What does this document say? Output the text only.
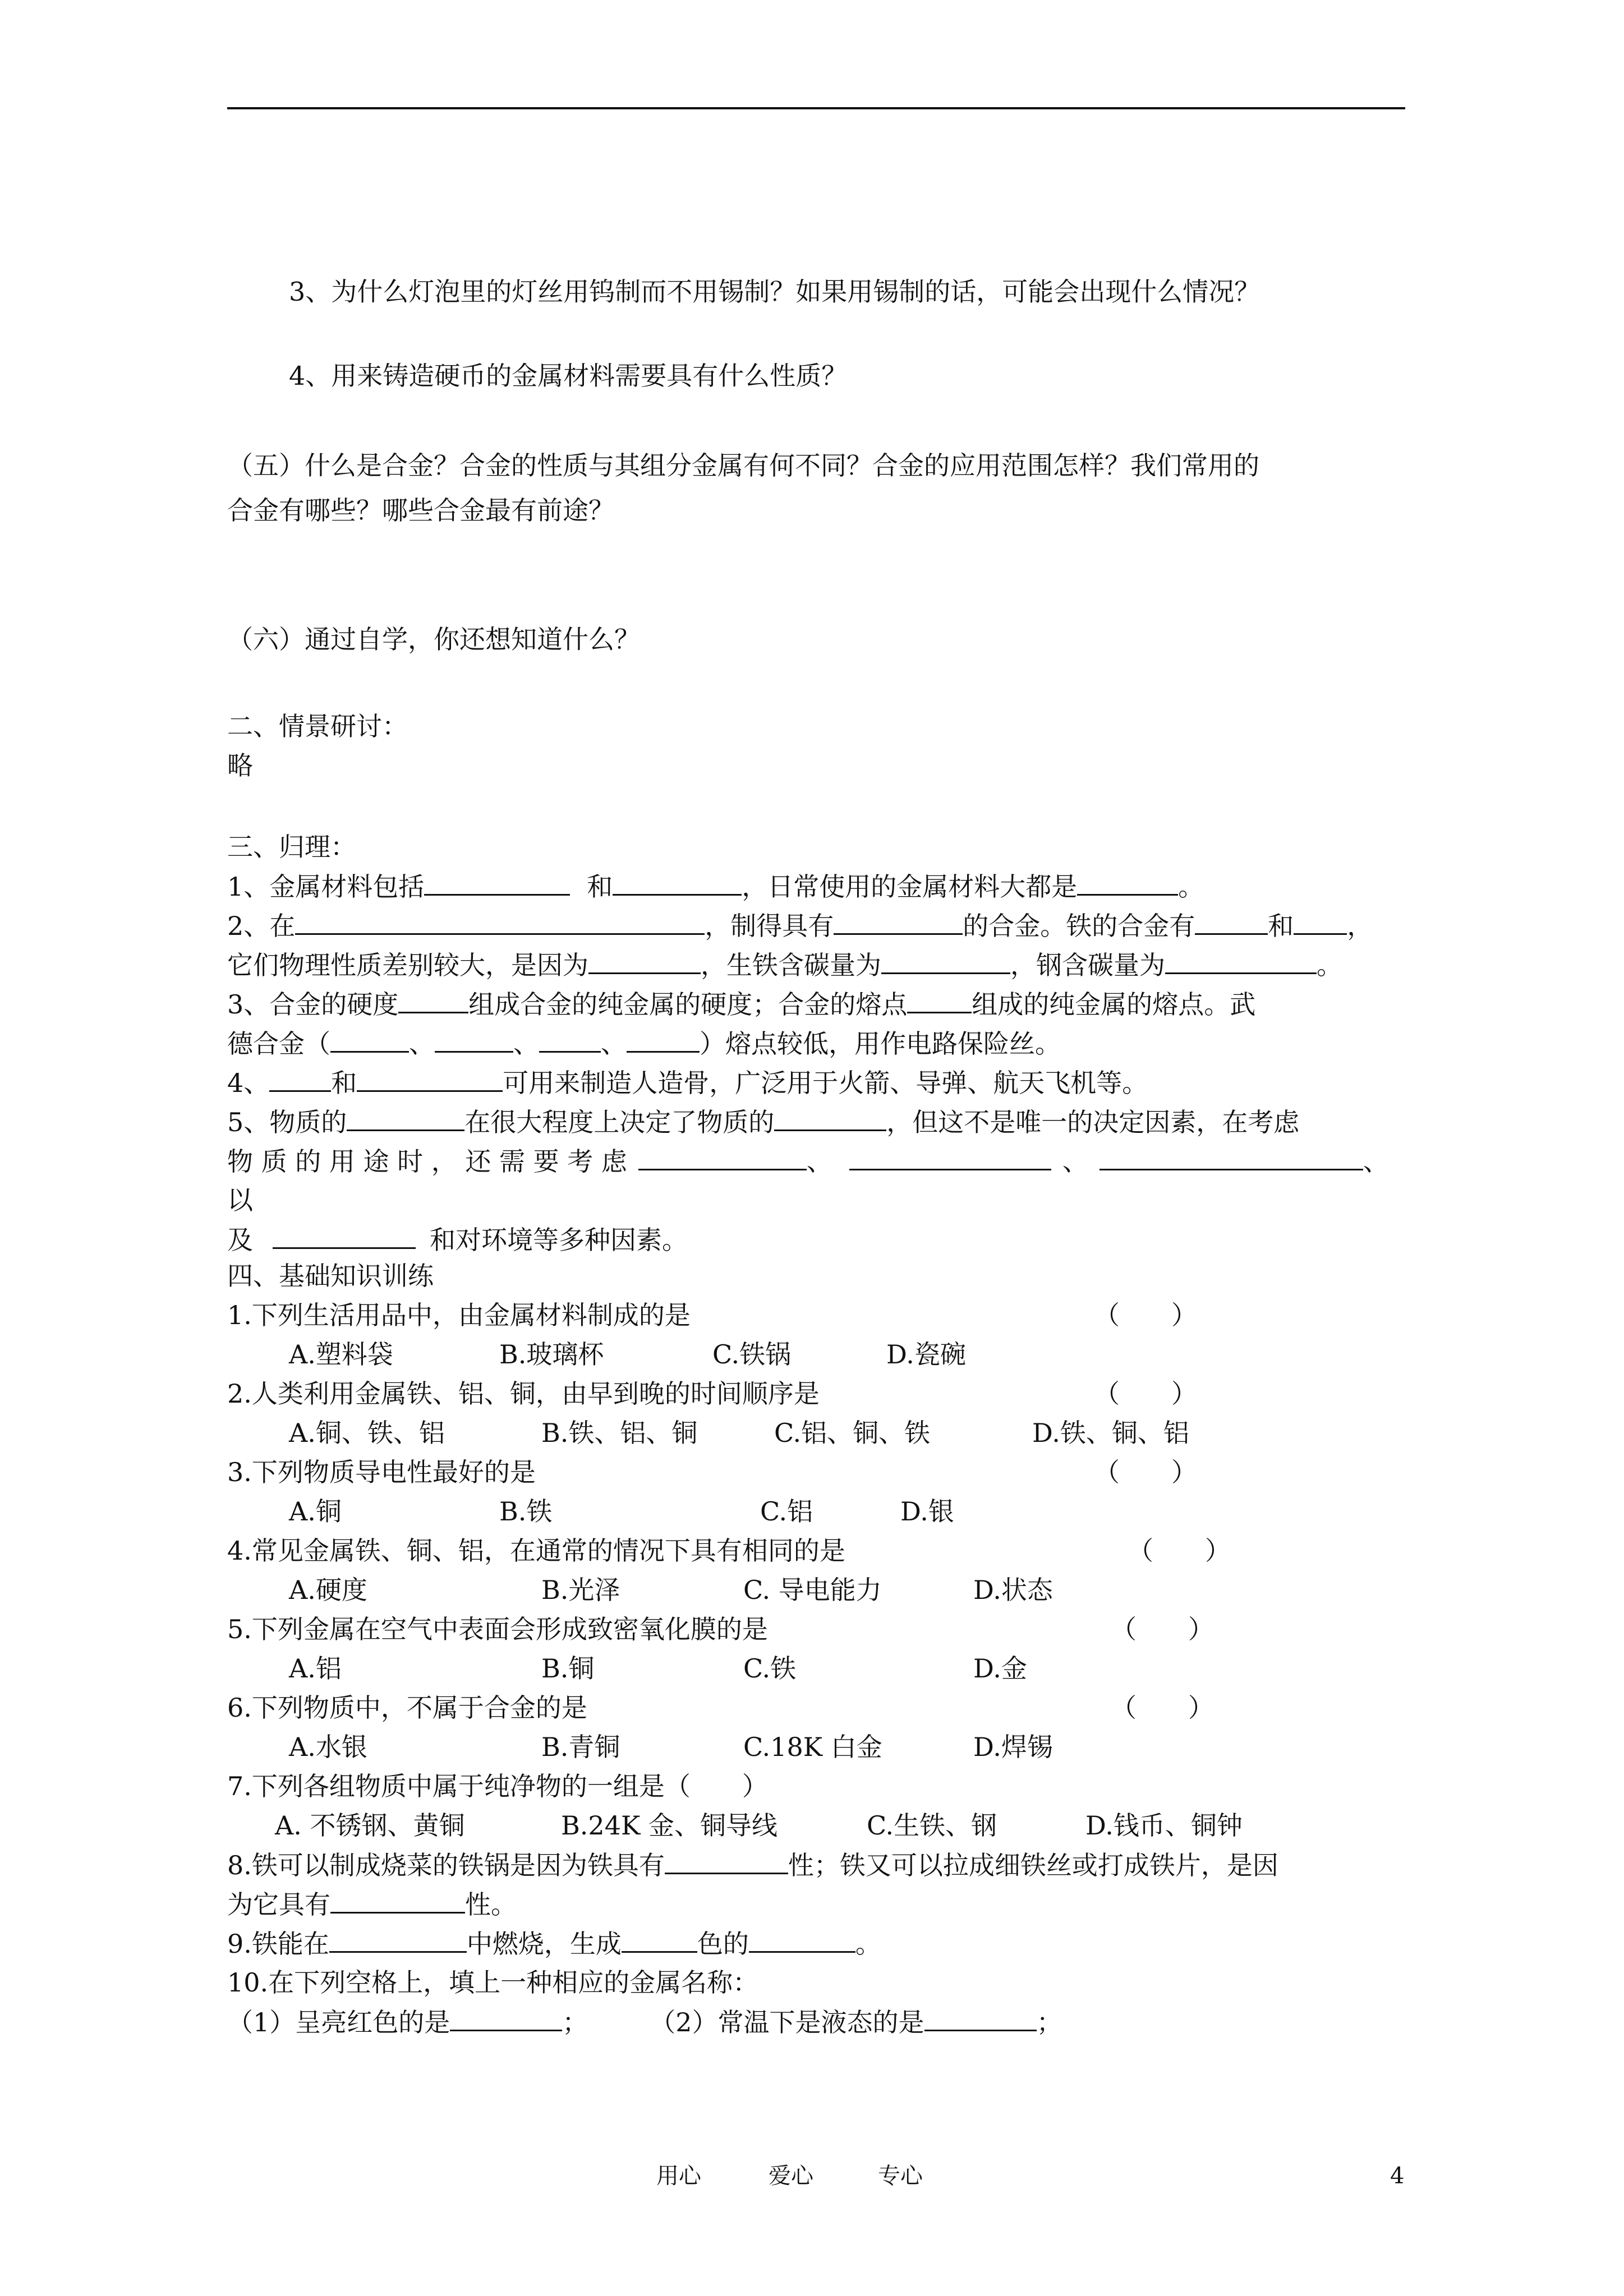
3、为什么灯泡里的灯丝用钨制而不用锡制？如果用锡制的话，可能会出现什么情况？
4、用来铸造硬币的金属材料需要具有什么性质？
（五）什么是合金？合金的性质与其组分金属有何不同？合金的应用范围怎样？我们常用的
合金有哪些？哪些合金最有前途？
（六）通过自学，你还想知道什么？
二、情景研讨：
略
三、归理：
1、金属材料包括	和	，日常使用的金属材料大都是	。
2、在	，制得具有	的合金。铁的合金有	和 ，
它们物理性质差别较大，是因为	，生铁含碳量为	，钢含碳量为	。
3、合金的硬度	组成合金的纯金属的硬度；合金的熔点	组成的纯金属的熔点。武
德合金（	、	、 、	）熔点较低，用作电路保险丝。
4、 和	可用来制造人造骨，广泛用于火箭、导弹、航天飞机等。
5、物质的	在很大程度上决定了物质的	，但这不是唯一的决定因素，在考虑
物 质 的 用 途 时 ， 还 需 要 考 虑	、	、	、
以
及	和对环境等多种因素。
四、基础知识训练
1.下列生活用品中，由金属材料制成的是	（　　）
A.塑料袋	B.玻璃杯	C.铁锅	D.瓷碗
2.人类利用金属铁、铝、铜，由早到晚的时间顺序是	（　　）
A.铜、铁、铝	B.铁、铝、铜	C.铝、铜、铁	D.铁、铜、铝
3.下列物质导电性最好的是	（　　）
A.铜	B.铁	C.铝	D.银
4.常见金属铁、铜、铝，在通常的情况下具有相同的是	（　　）
A.硬度	B.光泽	C. 导电能力	D.状态
5.下列金属在空气中表面会形成致密氧化膜的是	（　　）
A.铝	B.铜	C.铁	D.金
6.下列物质中，不属于合金的是	（　　）
A.水银	B.青铜	C.18K 白金	D.焊锡
7.下列各组物质中属于纯净物的一组是（　　）
A. 不锈钢、黄铜	B.24K 金、铜导线	C.生铁、钢	D.钱币、铜钟
8.铁可以制成烧菜的铁锅是因为铁具有	性；铁又可以拉成细铁丝或打成铁片，是因
为它具有	性。
9.铁能在	中燃烧，生成	色的	。
10.在下列空格上，填上一种相应的金属名称：
（1）呈亮红色的是	； （2）常温下是液态的是	；
用心	爱心	专心	4
